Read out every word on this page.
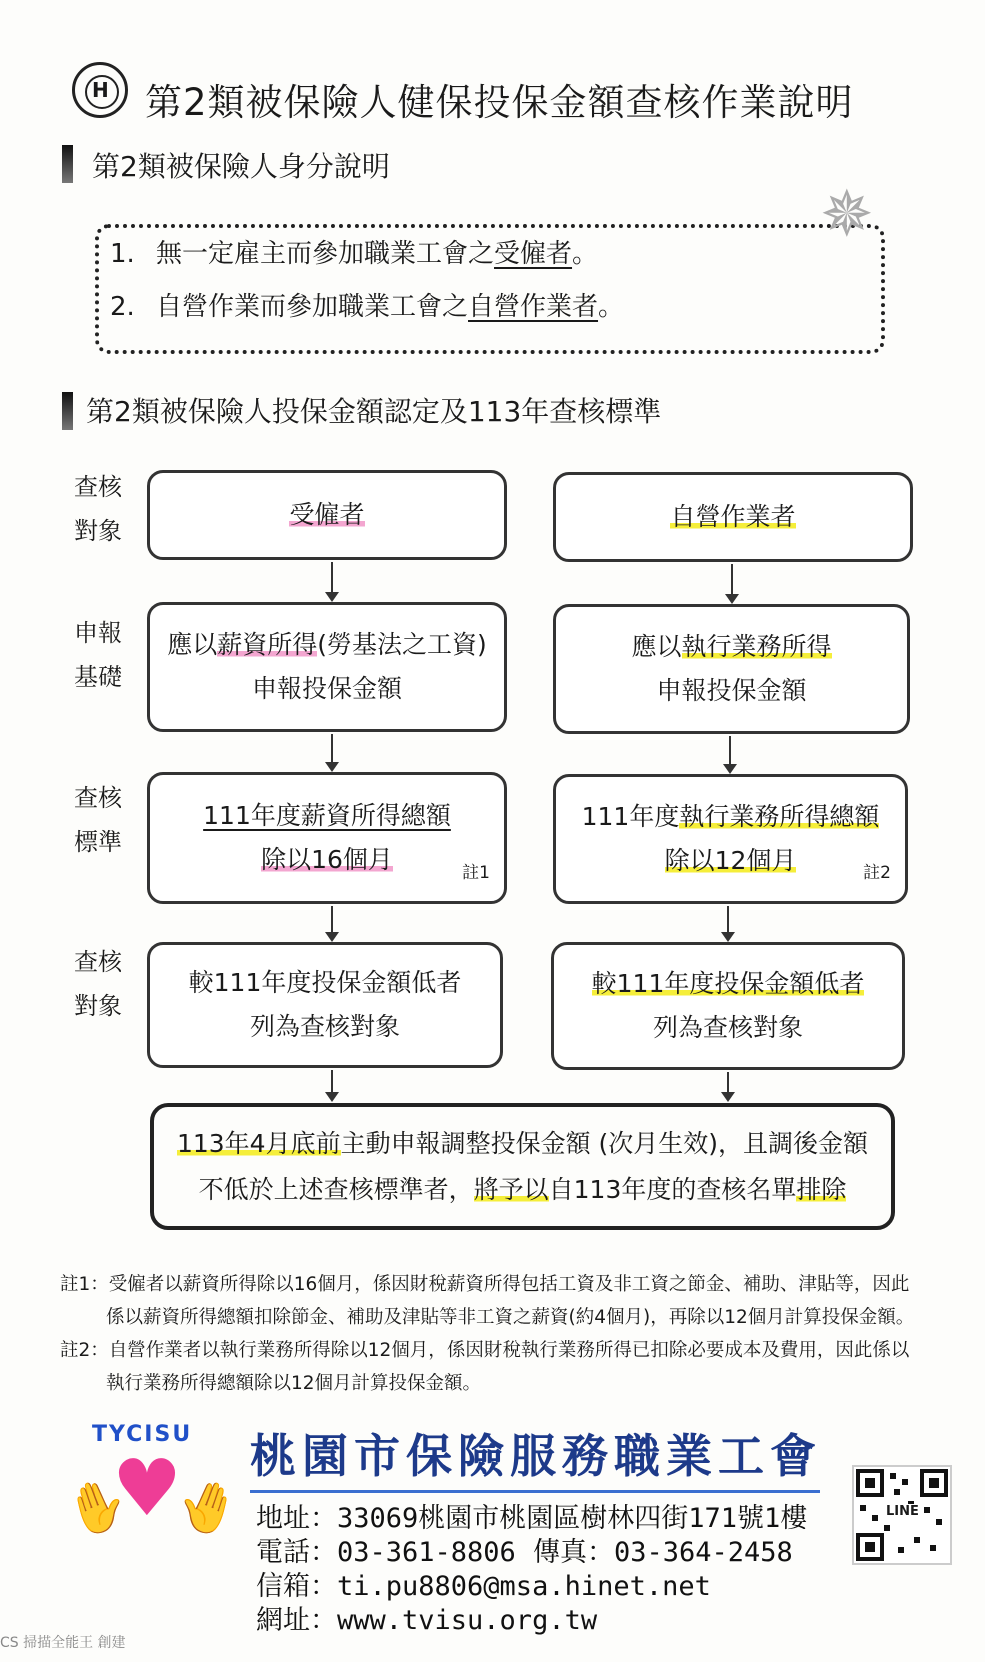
H
第2類被保險人健保投保金額查核作業說明
第2類被保險人身分說明
✵
1. 無一定雇主而參加職業工會之受僱者。
2. 自營作業而參加職業工會之自營作業者。
第2類被保險人投保金額認定及113年查核標準
查核
對象
申報
基礎
查核
標準
查核
對象
受僱者
應以薪資所得(勞基法之工資)
申報投保金額
111年度薪資所得總額
除以16個月	註1
較111年度投保金額低者
列為查核對象
自營作業者
應以執行業務所得
申報投保金額
111年度執行業務所得總額
除以12個月	註2
較111年度投保金額低者
列為查核對象
113年4月底前主動申報調整投保金額 (次月生效)，且調後金額
不低於上述查核標準者，將予以自113年度的查核名單排除
註1：受僱者以薪資所得除以16個月，係因財稅薪資所得包括工資及非工資之節金、補助、津貼等，因此
係以薪資所得總額扣除節金、補助及津貼等非工資之薪資(約4個月)，再除以12個月計算投保金額。
註2：自營作業者以執行業務所得除以12個月，係因財稅執行業務所得已扣除必要成本及費用，因此係以
執行業務所得總額除以12個月計算投保金額。
TYCISU
♥
✋ ✋
桃園市保險服務職業工會
地址：33069桃園市桃園區樹林四街171號1樓
電話：03-361-8806 傳真：03-364-2458
信箱：ti.pu8806@msa.hinet.net
網址：www.tvisu.org.tw
LINE
CS 掃描全能王 創建
